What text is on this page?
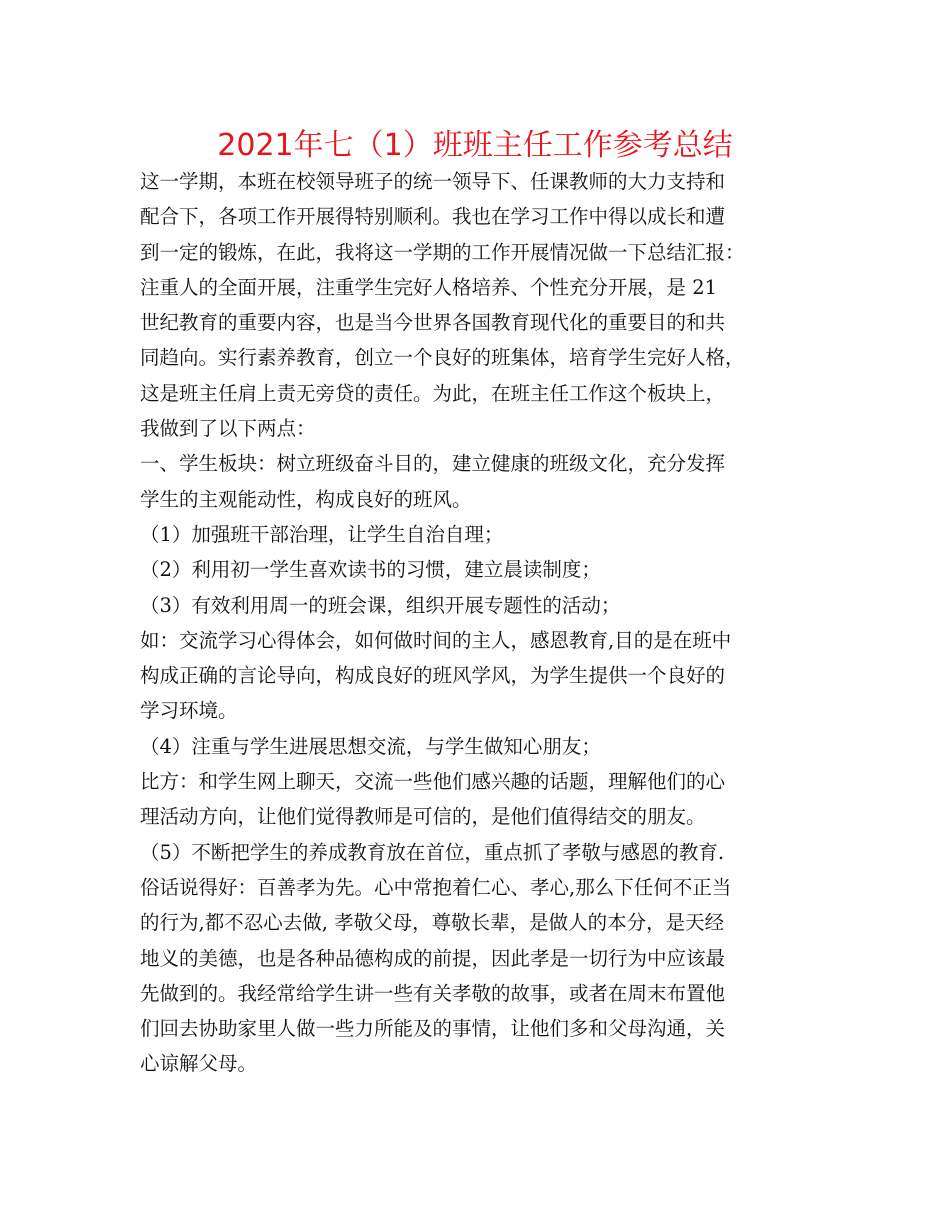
2021年七（1）班班主任工作参考总结
这一学期，本班在校领导班子的统一领导下、任课教师的大力支持和
配合下，各项工作开展得特别顺利。我也在学习工作中得以成长和遭
到一定的锻炼，在此，我将这一学期的工作开展情况做一下总结汇报：
注重人的全面开展，注重学生完好人格培养、个性充分开展，是 21
世纪教育的重要内容，也是当今世界各国教育现代化的重要目的和共
同趋向。实行素养教育，创立一个良好的班集体，培育学生完好人格，
这是班主任肩上责无旁贷的责任。为此，在班主任工作这个板块上，
我做到了以下两点：
一、学生板块：树立班级奋斗目的，建立健康的班级文化，充分发挥
学生的主观能动性，构成良好的班风。
（1）加强班干部治理，让学生自治自理；
（2）利用初一学生喜欢读书的习惯，建立晨读制度；
（3）有效利用周一的班会课，组织开展专题性的活动；
如：交流学习心得体会，如何做时间的主人，感恩教育,目的是在班中
构成正确的言论导向，构成良好的班风学风，为学生提供一个良好的
学习环境。
（4）注重与学生进展思想交流，与学生做知心朋友；
比方：和学生网上聊天，交流一些他们感兴趣的话题，理解他们的心
理活动方向，让他们觉得教师是可信的，是他们值得结交的朋友。
（5）不断把学生的养成教育放在首位，重点抓了孝敬与感恩的教育.
俗话说得好：百善孝为先。心中常抱着仁心、孝心,那么下任何不正当
的行为,都不忍心去做, 孝敬父母，尊敬长辈，是做人的本分，是天经
地义的美德，也是各种品德构成的前提，因此孝是一切行为中应该最
先做到的。我经常给学生讲一些有关孝敬的故事，或者在周末布置他
们回去协助家里人做一些力所能及的事情，让他们多和父母沟通，关
心谅解父母。
